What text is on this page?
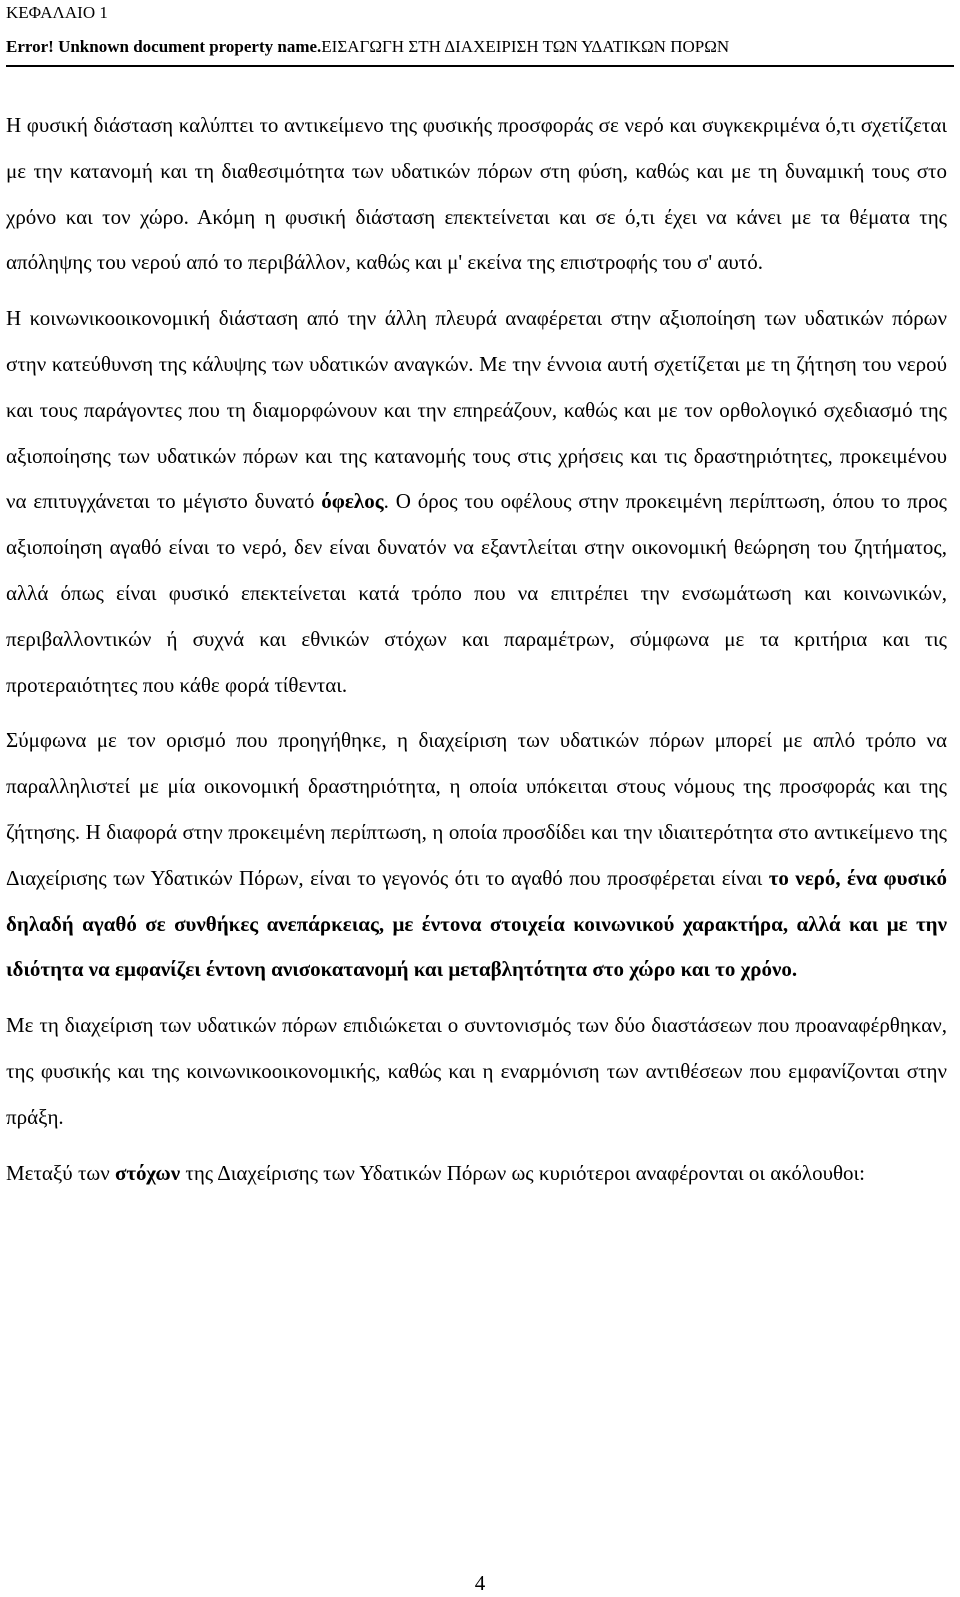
ΚΕΦΑΛΑΙΟ 1
Error! Unknown document property name.ΕΙΣΑΓΩΓΗ ΣΤΗ ΔΙΑΧΕΙΡΙΣΗ ΤΩΝ ΥΔΑΤΙΚΩΝ ΠΟΡΩΝ

Η φυσική διάσταση καλύπτει το αντικείμενο της φυσικής προσφοράς σε νερό και συγκεκριμένα ό,τι σχετίζεται με την κατανομή και τη διαθεσιμότητα των υδατικών πόρων στη φύση, καθώς και με τη δυναμική τους στο χρόνο και τον χώρο. Ακόμη η φυσική διάσταση επεκτείνεται και σε ό,τι έχει να κάνει με τα θέματα της απόληψης του νερού από το περιβάλλον, καθώς και μ' εκείνα της επιστροφής του σ' αυτό.

Η κοινωνικοοικονομική διάσταση από την άλλη πλευρά αναφέρεται στην αξιοποίηση των υδατικών πόρων στην κατεύθυνση της κάλυψης των υδατικών αναγκών. Με την έννοια αυτή σχετίζεται με τη ζήτηση του νερού και τους παράγοντες που τη διαμορφώνουν και την επηρεάζουν, καθώς και με τον ορθολογικό σχεδιασμό της αξιοποίησης των υδατικών πόρων και της κατανομής τους στις χρήσεις και τις δραστηριότητες, προκειμένου να επιτυγχάνεται το μέγιστο δυνατό όφελος. Ο όρος του οφέλους στην προκειμένη περίπτωση, όπου το προς αξιοποίηση αγαθό είναι το νερό, δεν είναι δυνατόν να εξαντλείται στην οικονομική θεώρηση του ζητήματος, αλλά όπως είναι φυσικό επεκτείνεται κατά τρόπο που να επιτρέπει την ενσωμάτωση και κοινωνικών, περιβαλλοντικών ή συχνά και εθνικών στόχων και παραμέτρων, σύμφωνα με τα κριτήρια και τις προτεραιότητες που κάθε φορά τίθενται.

Σύμφωνα με τον ορισμό που προηγήθηκε, η διαχείριση των υδατικών πόρων μπορεί με απλό τρόπο να παραλληλιστεί με μία οικονομική δραστηριότητα, η οποία υπόκειται στους νόμους της προσφοράς και της ζήτησης. Η διαφορά στην προκειμένη περίπτωση, η οποία προσδίδει και την ιδιαιτερότητα στο αντικείμενο της Διαχείρισης των Υδατικών Πόρων, είναι το γεγονός ότι το αγαθό που προσφέρεται είναι το νερό, ένα φυσικό δηλαδή αγαθό σε συνθήκες ανεπάρκειας, με έντονα στοιχεία κοινωνικού χαρακτήρα, αλλά και με την ιδιότητα να εμφανίζει έντονη ανισοκατανομή και μεταβλητότητα στο χώρο και το χρόνο.

Με τη διαχείριση των υδατικών πόρων επιδιώκεται ο συντονισμός των δύο διαστάσεων που προαναφέρθηκαν, της φυσικής και της κοινωνικοοικονομικής, καθώς και η εναρμόνιση των αντιθέσεων που εμφανίζονται στην πράξη.

Μεταξύ των στόχων της Διαχείρισης των Υδατικών Πόρων ως κυριότεροι αναφέρονται οι ακόλουθοι:

4
